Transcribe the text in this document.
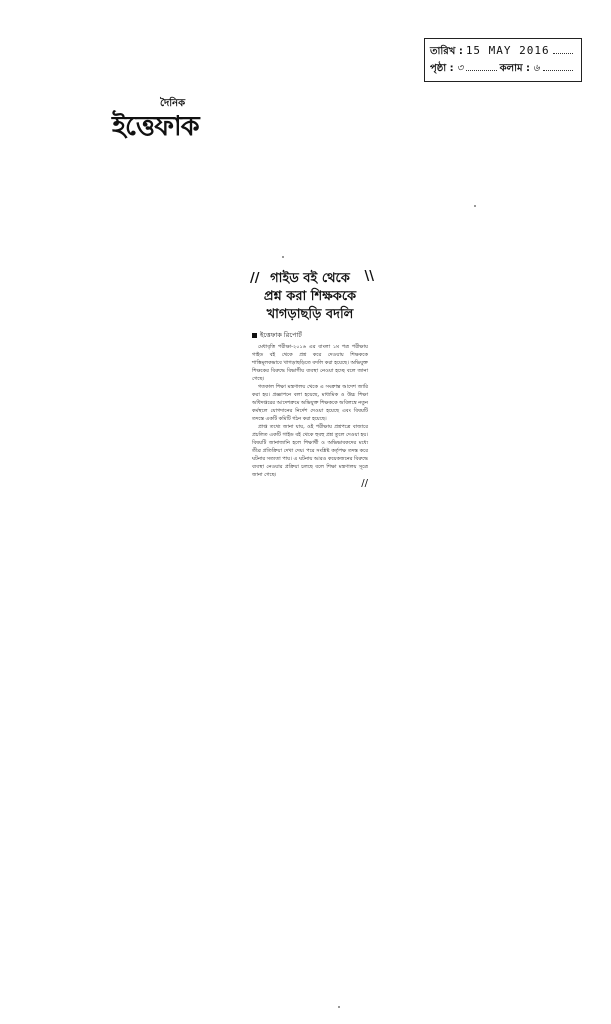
তারিখ : 15 MAY 2016
পৃষ্ঠা : ৩	কলাম : ৬
দৈনিক
ইত্তেফাক
//	\\
গাইড বই থেকে
প্রশ্ন করা শিক্ষককে
খাগড়াছড়ি বদলি
ইত্তেফাক রিপোর্ট

মেধাবৃত্তি পরীক্ষা-২০১৬ এর বাংলা ১ম পত্র পরীক্ষায় গাইড বই থেকে প্রশ্ন করে দেওয়ায় শিক্ষককে শাস্তিমূলকভাবে খাগড়াছড়িতে বদলি করা হয়েছে। অভিযুক্ত শিক্ষকের বিরুদ্ধে বিভাগীয় ব্যবস্থা নেওয়া হচ্ছে বলে জানা গেছে।

গতকাল শিক্ষা মন্ত্রণালয় থেকে এ সংক্রান্ত আদেশ জারি করা হয়। প্রজ্ঞাপনে বলা হয়েছে, মাধ্যমিক ও উচ্চ শিক্ষা অধিদপ্তরের আদেশক্রমে অভিযুক্ত শিক্ষককে অবিলম্বে নতুন কর্মস্থলে যোগদানের নির্দেশ দেওয়া হয়েছে এবং বিষয়টি তদন্তে একটি কমিটি গঠন করা হয়েছে।

প্রাপ্ত তথ্যে জানা যায়, ওই পরীক্ষায় প্রশ্নপত্রে বাজারে প্রচলিত একটি গাইড বই থেকে হুবহু প্রশ্ন তুলে দেওয়া হয়। বিষয়টি জানাজানি হলে শিক্ষার্থী ও অভিভাবকদের মধ্যে তীব্র প্রতিক্রিয়া দেখা দেয়। পরে সংশ্লিষ্ট কর্তৃপক্ষ তদন্ত করে ঘটনার সত্যতা পায়। এ ঘটনায় আরও কয়েকজনের বিরুদ্ধে ব্যবস্থা নেওয়ার প্রক্রিয়া চলছে বলে শিক্ষা মন্ত্রণালয় সূত্রে জানা গেছে।

//
